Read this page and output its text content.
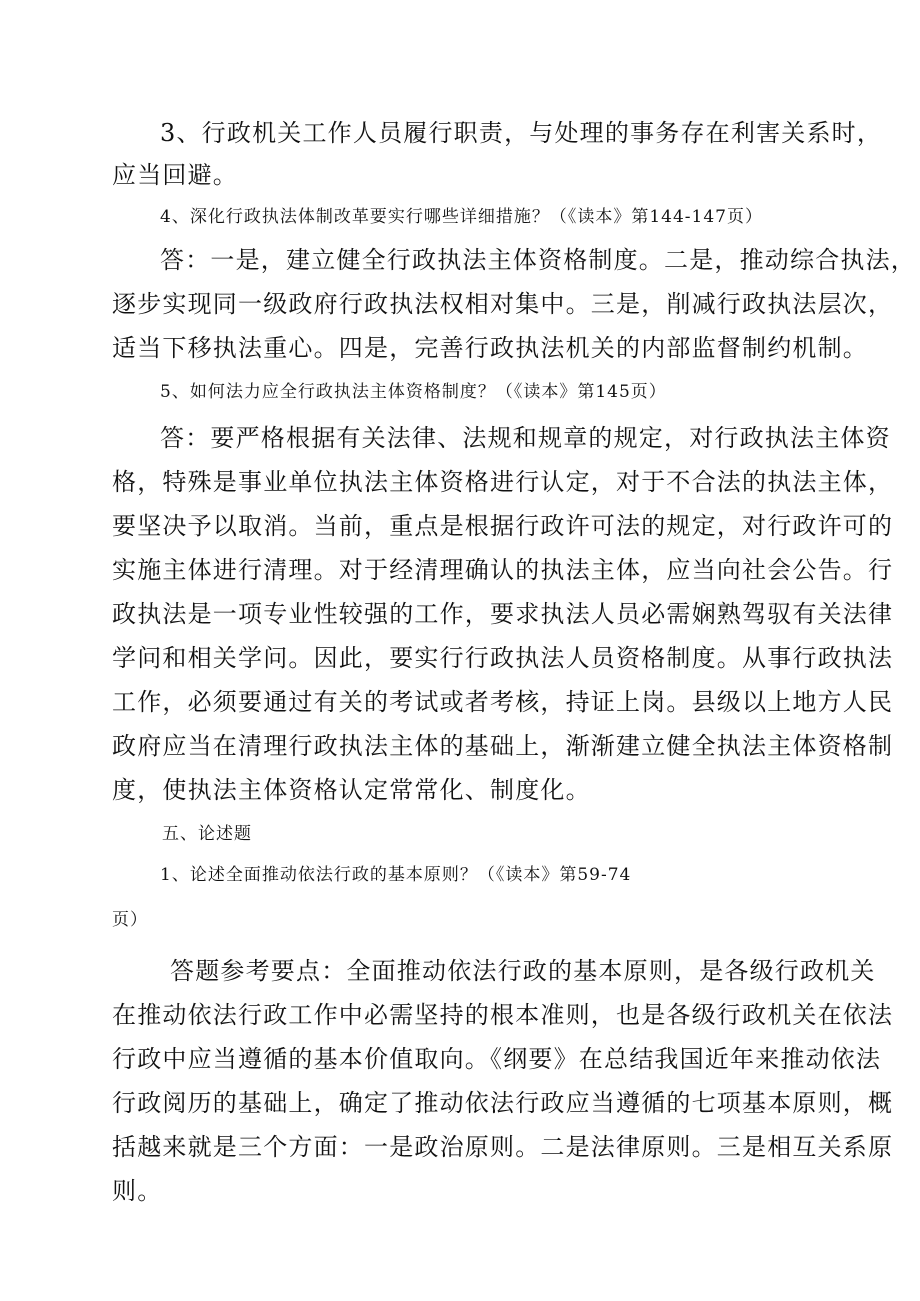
3、行政机关工作人员履行职责，与处理的事务存在利害关系时，
应当回避。
4、深化行政执法体制改革要实行哪些详细措施？（《读本》第144-147页）
答：一是，建立健全行政执法主体资格制度。二是，推动综合执法，
逐步实现同一级政府行政执法权相对集中。三是，削减行政执法层次，
适当下移执法重心。四是，完善行政执法机关的内部监督制约机制。
5、如何法力应全行政执法主体资格制度？（《读本》第145页）
答：要严格根据有关法律、法规和规章的规定，对行政执法主体资
格，特殊是事业单位执法主体资格进行认定，对于不合法的执法主体，
要坚决予以取消。当前，重点是根据行政许可法的规定，对行政许可的
实施主体进行清理。对于经清理确认的执法主体，应当向社会公告。行
政执法是一项专业性较强的工作，要求执法人员必需娴熟驾驭有关法律
学问和相关学问。因此，要实行行政执法人员资格制度。从事行政执法
工作，必须要通过有关的考试或者考核，持证上岗。县级以上地方人民
政府应当在清理行政执法主体的基础上，渐渐建立健全执法主体资格制
度，使执法主体资格认定常常化、制度化。
五、论述题
1、论述全面推动依法行政的基本原则？（《读本》第59-74
页）
答题参考要点：全面推动依法行政的基本原则，是各级行政机关
在推动依法行政工作中必需坚持的根本准则，也是各级行政机关在依法
行政中应当遵循的基本价值取向。《纲要》在总结我国近年来推动依法
行政阅历的基础上，确定了推动依法行政应当遵循的七项基本原则，概
括越来就是三个方面：一是政治原则。二是法律原则。三是相互关系原
则。
